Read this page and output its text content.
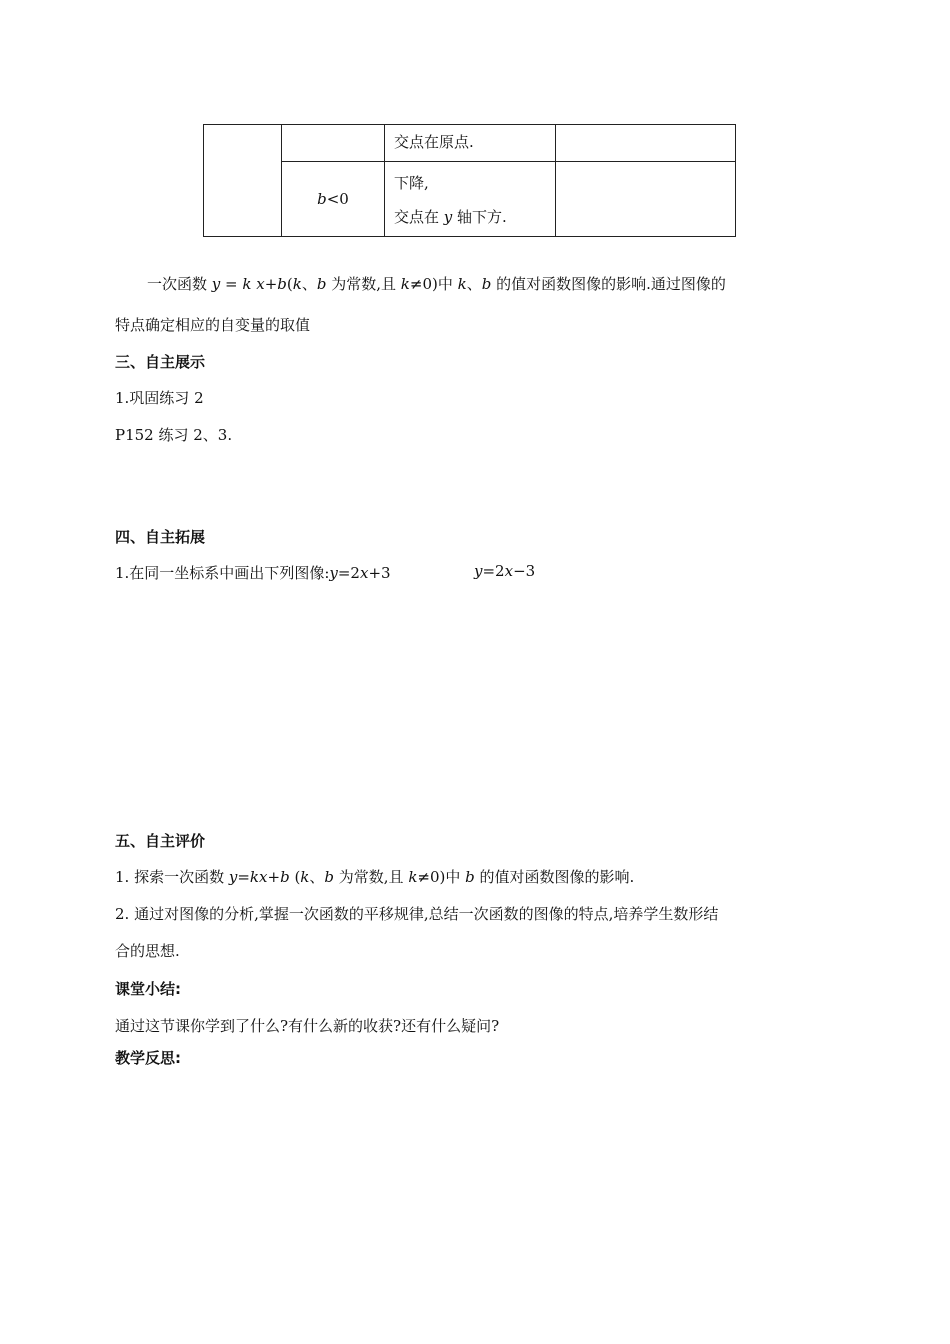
		交点在原点.	

	b<0	下降,
交点在 y 轴下方.	

一次函数 y = k x+b(k、b 为常数,且 k≠0)中 k、b 的值对函数图像的影响.通过图像的
特点确定相应的自变量的取值
三、自主展示
1.巩固练习 2
P152 练习 2、3.
四、自主拓展
1.在同一坐标系中画出下列图像:y=2x+3	y=2x−3
五、自主评价
1. 探索一次函数 y=kx+b (k、b 为常数,且 k≠0)中 b 的值对函数图像的影响.
2. 通过对图像的分析,掌握一次函数的平移规律,总结一次函数的图像的特点,培养学生数形结
合的思想.
课堂小结:
通过这节课你学到了什么?有什么新的收获?还有什么疑问?
教学反思:
